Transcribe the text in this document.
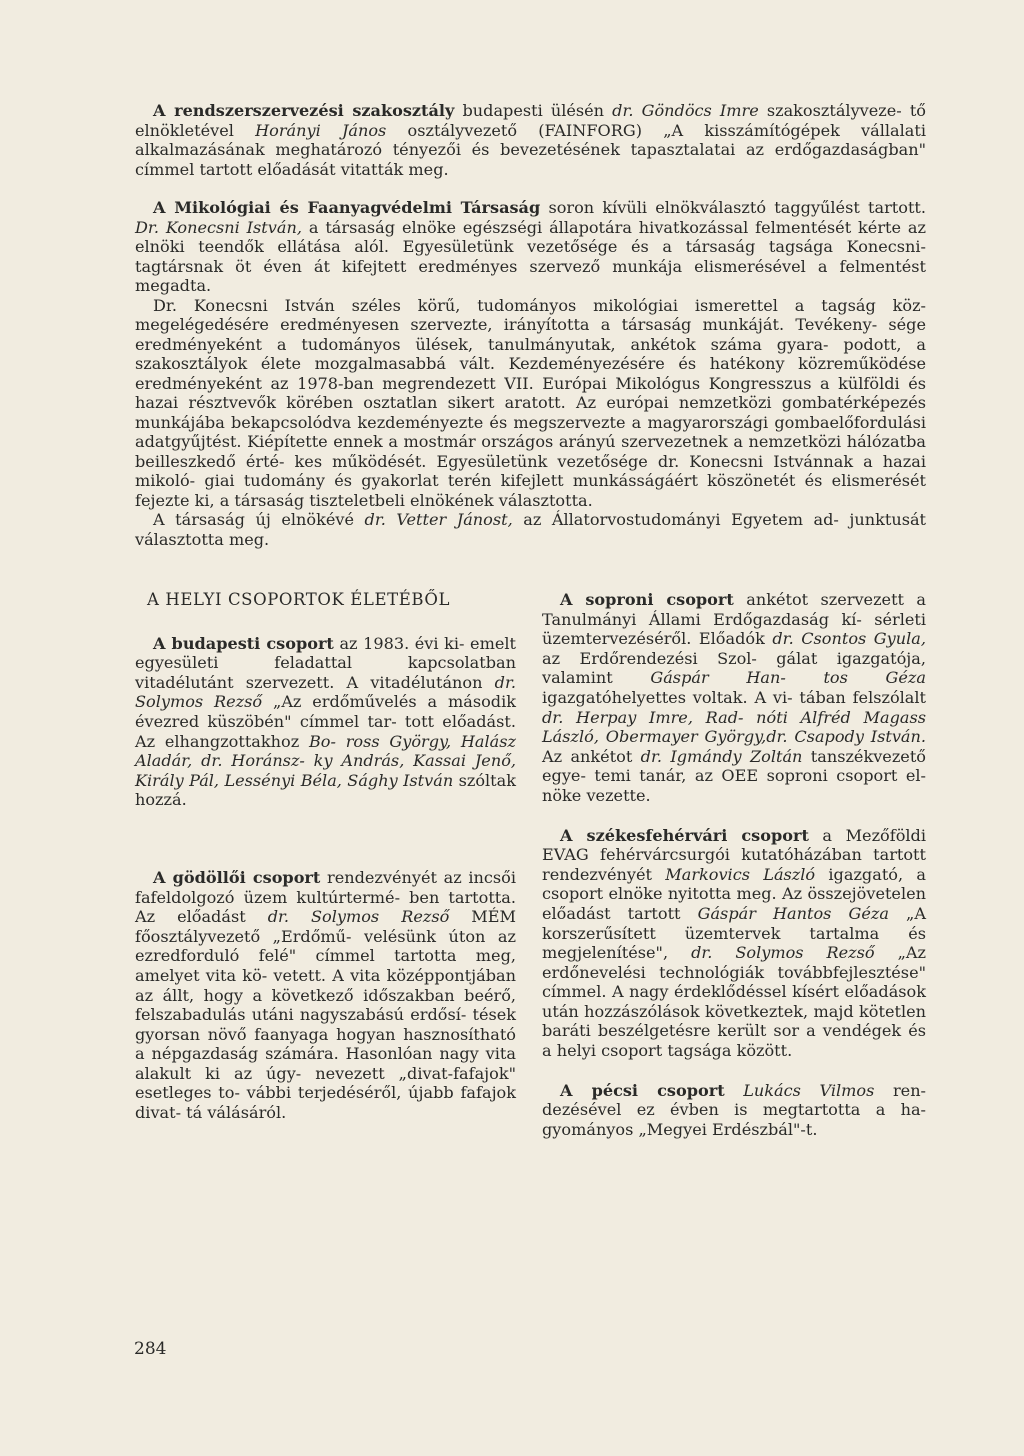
A rendszerszervezési szakosztály budapesti ülésén dr. Göndöcs Imre szakosztályveze- tő elnökletével Horányi János osztályvezető (FAINFORG) „A kisszámítógépek vállalati alkalmazásának meghatározó tényezői és bevezetésének tapasztalatai az erdőgazdaságban" címmel tartott előadását vitatták meg.

A Mikológiai és Faanyagvédelmi Társaság soron kívüli elnökválasztó taggyűlést tartott. Dr. Konecsni István, a társaság elnöke egészségi állapotára hivatkozással felmentését kérte az elnöki teendők ellátása alól. Egyesületünk vezetősége és a társaság tagsága Konecsni-tagtársnak öt éven át kifejtett eredményes szervező munkája elismerésével a felmentést megadta.

Dr. Konecsni István széles körű, tudományos mikológiai ismerettel a tagság köz- megelégedésére eredményesen szervezte, irányította a társaság munkáját. Tevékeny- sége eredményeként a tudományos ülések, tanulmányutak, ankétok száma gyara- podott, a szakosztályok élete mozgalmasabbá vált. Kezdeményezésére és hatékony közreműködése eredményeként az 1978-ban megrendezett VII. Európai Mikológus Kongresszus a külföldi és hazai résztvevők körében osztatlan sikert aratott. Az európai nemzetközi gombatérképezés munkájába bekapcsolódva kezdeményezte és megszervezte a magyarországi gombaelőfordulási adatgyűjtést. Kiépítette ennek a mostmár országos arányú szervezetnek a nemzetközi hálózatba beilleszkedő érté- kes működését. Egyesületünk vezetősége dr. Konecsni Istvánnak a hazai mikoló- giai tudomány és gyakorlat terén kifejlett munkásságáért köszönetét és elismerését fejezte ki, a társaság tiszteletbeli elnökének választotta.

A társaság új elnökévé dr. Vetter Jánost, az Állatorvostudományi Egyetem ad- junktusát választotta meg.

A HELYI CSOPORTOK ÉLETÉBŐL

A budapesti csoport az 1983. évi ki- emelt egyesületi feladattal kapcsolatban vitadélutánt szervezett. A vitadélutánon dr. Solymos Rezső „Az erdőművelés a második évezred küszöbén" címmel tar- tott előadást. Az elhangzottakhoz Bo- ross György, Halász Aladár, dr. Horánsz- ky András, Kassai Jenő, Király Pál, Lessényi Béla, Sághy István szóltak hozzá.

A gödöllői csoport rendezvényét az incsői fafeldolgozó üzem kultúrtermé- ben tartotta. Az előadást dr. Solymos Rezső MÉM főosztályvezető „Erdőmű- velésünk úton az ezredforduló felé" címmel tartotta meg, amelyet vita kö- vetett. A vita középpontjában az állt, hogy a következő időszakban beérő, felszabadulás utáni nagyszabású erdősí- tések gyorsan növő faanyaga hogyan hasznosítható a népgazdaság számára. Hasonlóan nagy vita alakult ki az úgy- nevezett „divat-fafajok" esetleges to- vábbi terjedéséről, újabb fafajok divat- tá válásáról.

A soproni csoport ankétot szervezett a Tanulmányi Állami Erdőgazdaság kí- sérleti üzemtervezéséről. Előadók dr. Csontos Gyula, az Erdőrendezési Szol- gálat igazgatója, valamint Gáspár Han- tos Géza igazgatóhelyettes voltak. A vi- tában felszólalt dr. Herpay Imre, Rad- nóti Alfréd Magass László, Obermayer György,dr. Csapody István. Az ankétot dr. Igmándy Zoltán tanszékvezető egye- temi tanár, az OEE soproni csoport el- nöke vezette.

A székesfehérvári csoport a Mezőföldi EVAG fehérvárcsurgói kutatóházában tartott rendezvényét Markovics László igazgató, a csoport elnöke nyitotta meg. Az összejövetelen előadást tartott Gáspár Hantos Géza „A korszerűsített üzemtervek tartalma és megjelenítése", dr. Solymos Rezső „Az erdőnevelési technológiák továbbfejlesztése" címmel. A nagy érdeklődéssel kísért előadások után hozzászólások következtek, majd kötetlen baráti beszélgetésre került sor a vendégek és a helyi csoport tagsága között.

A pécsi csoport Lukács Vilmos ren- dezésével ez évben is megtartotta a ha- gyományos „Megyei Erdészbál"-t.

284
